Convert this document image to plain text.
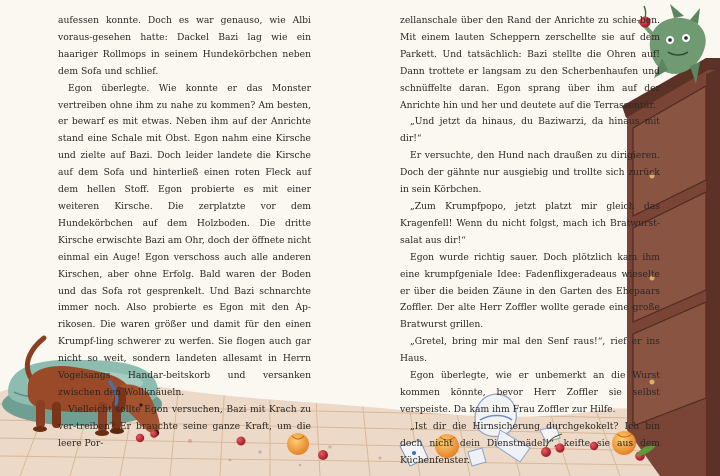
aufessen konnte. Doch es war genauso, wie Albi voraus-gesehen hatte: Dackel Bazi lag wie ein haariger Rollmops in seinem Hundekörbchen neben dem Sofa und schlief.

Egon überlegte. Wie konnte er das Monster vertreiben ohne ihm zu nahe zu kommen? Am besten, er bewarf es mit etwas. Neben ihm auf der Anrichte stand eine Schale mit Obst. Egon nahm eine Kirsche und zielte auf Bazi. Doch leider landete die Kirsche auf dem Sofa und hinterließ einen roten Fleck auf dem hellen Stoff. Egon probierte es mit einer weiteren Kirsche. Die zerplatzte vor dem Hundekörbchen auf dem Holzboden. Die dritte Kirsche erwischte Bazi am Ohr, doch der öffnete nicht einmal ein Auge! Egon verschoss auch alle anderen Kirschen, aber ohne Erfolg. Bald waren der Boden und das Sofa rot gesprenkelt. Und Bazi schnarchte immer noch. Also probierte es Egon mit den Ap-rikosen. Die waren größer und damit für den einen Krumpf-ling schwerer zu werfen. Sie flogen auch gar nicht so weit, sondern landeten allesamt in Herrn Vogelsangs Handar-beitskorb und versanken zwischen den Wollknäueln.

Vielleicht sollte Egon versuchen, Bazi mit Krach zu ver-treiben? Er brauchte seine ganze Kraft, um die leere Por-

zellanschale über den Rand der Anrichte zu schie-ben. Mit einem lauten Scheppern zerschellte sie auf dem Parkett. Und tatsächlich: Bazi stellte die Ohren auf! Dann trottete er langsam zu den Scherbenhaufen und schnüffelte daran. Egon sprang über ihm auf der Anrichte hin und her und deutete auf die Terrassentür.

„Und jetzt da hinaus, du Baziwarzi, da hinaus mit dir!“

Er versuchte, den Hund nach draußen zu dirigieren. Doch der gähnte nur ausgiebig und trollte sich zurück in sein Körbchen.

„Zum Krumpfpopo, jetzt platzt mir gleich das Kragenfell! Wenn du nicht folgst, mach ich Bratwurst-salat aus dir!“

Egon wurde richtig sauer. Doch plötzlich kam ihm eine krumpfgeniale Idee: Fadenflixgeradeaus wieselte er über die beiden Zäune in den Garten des Ehepaars Zoffler. Der alte Herr Zoffler wollte gerade eine große Bratwurst grillen.

„Gretel, bring mir mal den Senf raus!“, rief er ins Haus.

Egon überlegte, wie er unbemerkt an die Wurst kommen könnte, bevor Herr Zoffler sie selbst verspeiste. Da kam ihm Frau Zoffler zur Hilfe.

„Ist dir die Hirnsicherung durchgekokelt? Ich bin doch nicht dein Dienstmädel!“, keifte sie aus dem Küchenfenster.
